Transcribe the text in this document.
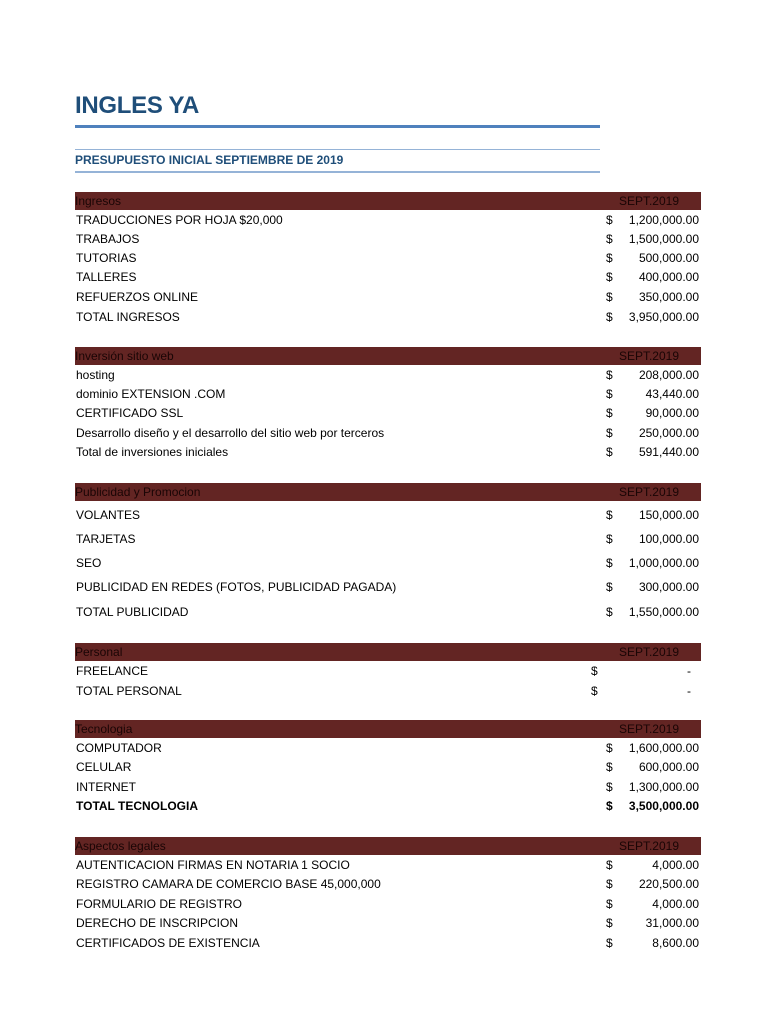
INGLES YA
PRESUPUESTO INICIAL SEPTIEMBRE DE 2019
Ingresos	SEPT.2019
TRADUCCIONES POR HOJA $20,000	$ 1,200,000.00
TRABAJOS	$ 1,500,000.00
TUTORIAS	$ 500,000.00
TALLERES	$ 400,000.00
REFUERZOS ONLINE	$ 350,000.00
TOTAL INGRESOS	$ 3,950,000.00
Inversión sitio web	SEPT.2019
hosting	$ 208,000.00
dominio EXTENSION .COM	$	43,440.00
CERTIFICADO SSL	$	90,000.00
Desarrollo diseño y el desarrollo del sitio web por terceros	$ 250,000.00
Total de inversiones iniciales	$ 591,440.00
Publicidad y Promocion	SEPT.2019
VOLANTES	$ 150,000.00
TARJETAS	$ 100,000.00
SEO	$ 1,000,000.00
PUBLICIDAD EN REDES (FOTOS, PUBLICIDAD PAGADA)	$ 300,000.00
TOTAL PUBLICIDAD	$ 1,550,000.00
Personal	SEPT.2019
FREELANCE	$	-
TOTAL PERSONAL	$	-
Tecnologia	SEPT.2019
COMPUTADOR	$ 1,600,000.00
CELULAR	$ 600,000.00
INTERNET	$ 1,300,000.00
TOTAL TECNOLOGIA	$ 3,500,000.00
Aspectos legales	SEPT.2019
AUTENTICACION FIRMAS EN NOTARIA 1 SOCIO	$	4,000.00
REGISTRO CAMARA DE COMERCIO BASE 45,000,000	$ 220,500.00
FORMULARIO DE REGISTRO	$	4,000.00
DERECHO DE INSCRIPCION	$	31,000.00
CERTIFICADOS DE EXISTENCIA	$	8,600.00
